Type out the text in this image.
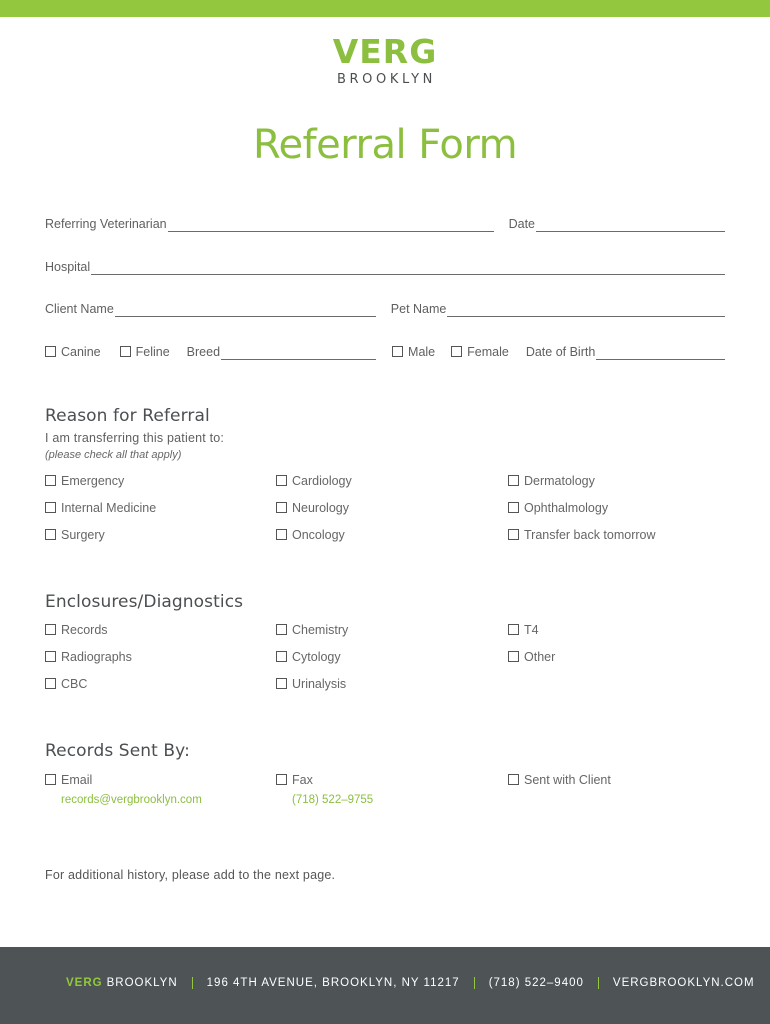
VERG
BROOKLYN
Referral Form
Referring Veterinarian	Date
Hospital
Client Name	Pet Name
Canine	Feline Breed	Male	Female Date of Birth
Reason for Referral
I am transferring this patient to:
(please check all that apply)
Emergency	Cardiology	Dermatology
Internal Medicine	Neurology	Ophthalmology
Surgery	Oncology	Transfer back tomorrow
Enclosures/Diagnostics
Records	Chemistry	T4
Radiographs	Cytology	Other
CBC	Urinalysis
Records Sent By:
Email	Fax	Sent with Client
records@vergbrooklyn.com	(718) 522–9755
For additional history, please add to the next page.
VERG BROOKLYN	196 4TH AVENUE, BROOKLYN, NY 11217	(718) 522–9400	VERGBROOKLYN.COM
